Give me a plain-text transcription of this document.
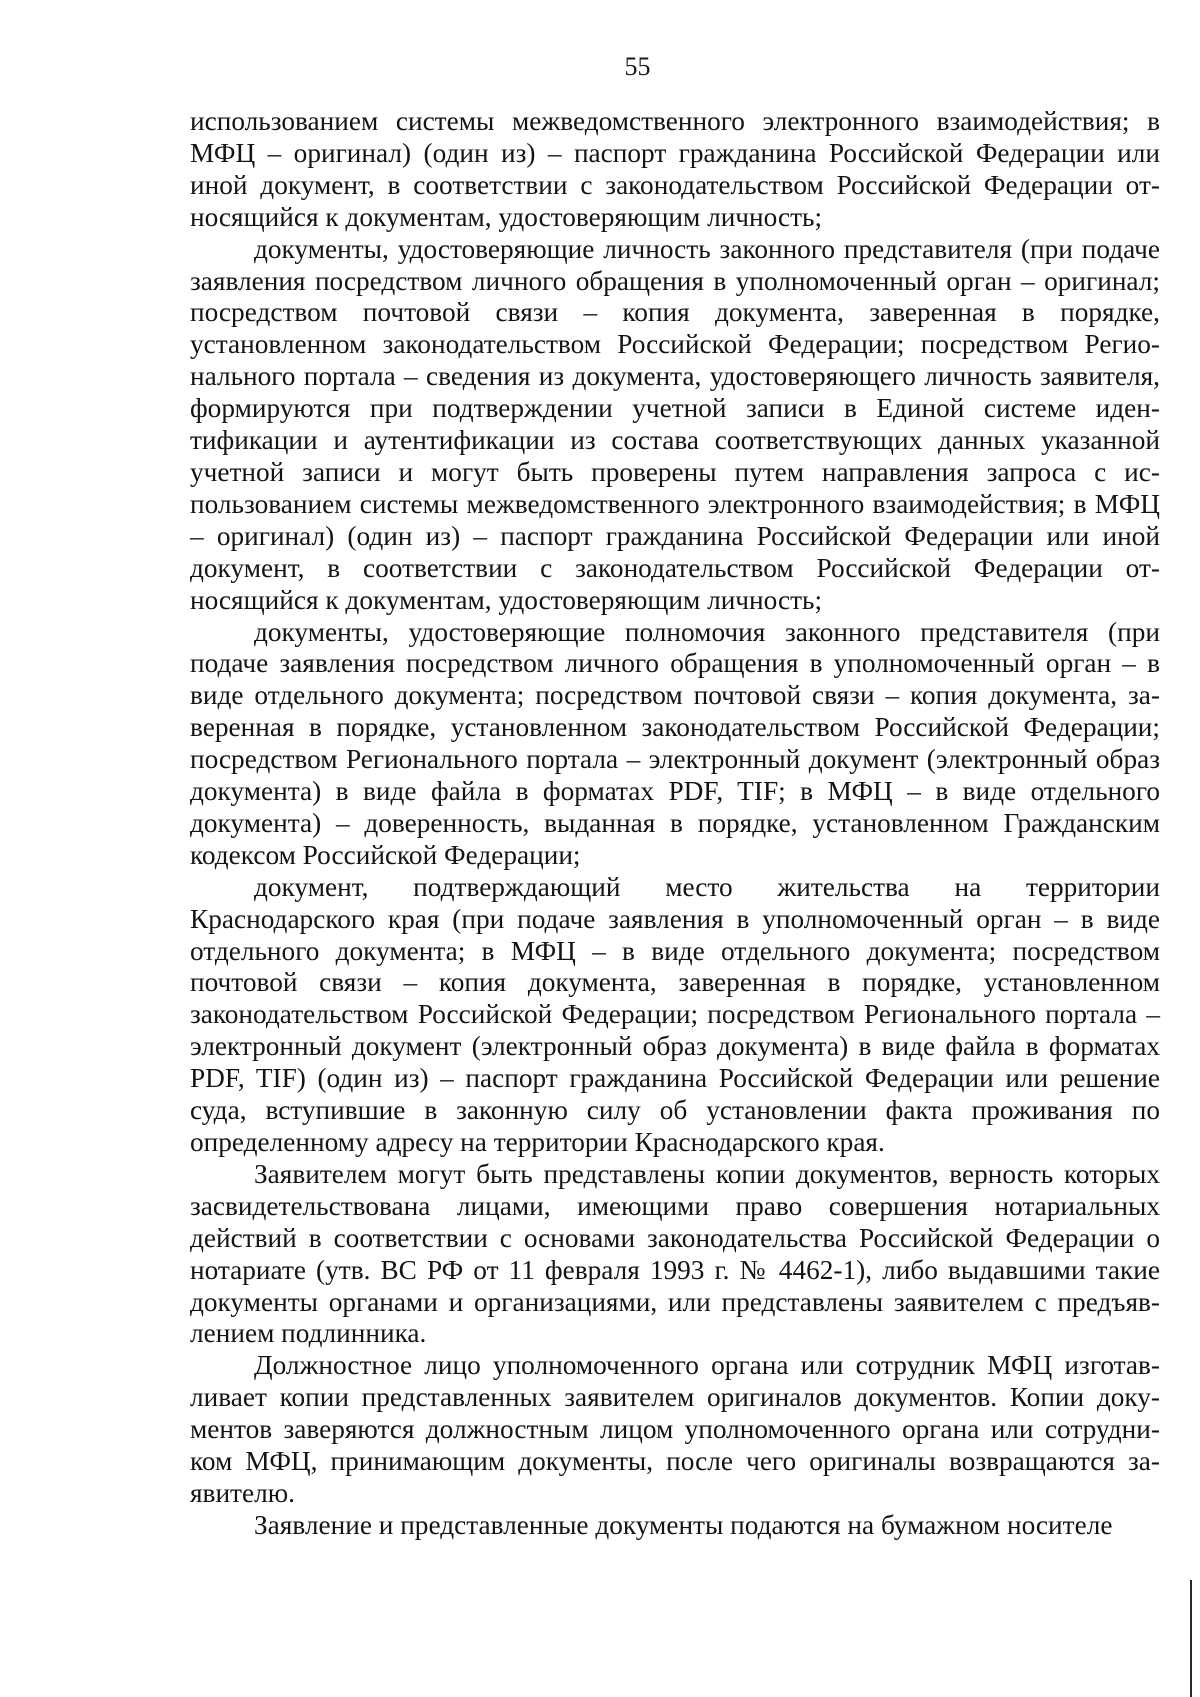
55

использованием системы межведомственного электронного взаимодействия; в МФЦ – оригинал) (один из) – паспорт гражданина Российской Федерации или иной документ, в соответствии с законодательством Российской Федерации относящийся к документам, удостоверяющим личность;

документы, удостоверяющие личность законного представителя (при подаче заявления посредством личного обращения в уполномоченный орган – оригинал; посредством почтовой связи – копия документа, заверенная в порядке, установленном законодательством Российской Федерации; посредством Регионального портала – сведения из документа, удостоверяющего личность заявителя, формируются при подтверждении учетной записи в Единой системе идентификации и аутентификации из состава соответствующих данных указанной учетной записи и могут быть проверены путем направления запроса с использованием системы межведомственного электронного взаимодействия; в МФЦ – оригинал) (один из) – паспорт гражданина Российской Федерации или иной документ, в соответствии с законодательством Российской Федерации относящийся к документам, удостоверяющим личность;

документы, удостоверяющие полномочия законного представителя (при подаче заявления посредством личного обращения в уполномоченный орган – в виде отдельного документа; посредством почтовой связи – копия документа, заверенная в порядке, установленном законодательством Российской Федерации; посредством Регионального портала – электронный документ (электронный образ документа) в виде файла в форматах PDF, TIF; в МФЦ – в виде отдельного документа) – доверенность, выданная в порядке, установленном Гражданским кодексом Российской Федерации;

документ, подтверждающий место жительства на территории Краснодарского края (при подаче заявления в уполномоченный орган – в виде отдельного документа; в МФЦ – в виде отдельного документа; посредством почтовой связи – копия документа, заверенная в порядке, установленном законодательством Российской Федерации; посредством Регионального портала – электронный документ (электронный образ документа) в виде файла в форматах PDF, TIF) (один из) – паспорт гражданина Российской Федерации или решение суда, вступившие в законную силу об установлении факта проживания по определенному адресу на территории Краснодарского края.

Заявителем могут быть представлены копии документов, верность которых засвидетельствована лицами, имеющими право совершения нотариальных действий в соответствии с основами законодательства Российской Федерации о нотариате (утв. ВС РФ от 11 февраля 1993 г. № 4462-1), либо выдавшими такие документы органами и организациями, или представлены заявителем с предъявлением подлинника.

Должностное лицо уполномоченного органа или сотрудник МФЦ изготавливает копии представленных заявителем оригиналов документов. Копии документов заверяются должностным лицом уполномоченного органа или сотрудником МФЦ, принимающим документы, после чего оригиналы возвращаются заявителю.

Заявление и представленные документы подаются на бумажном носителе
